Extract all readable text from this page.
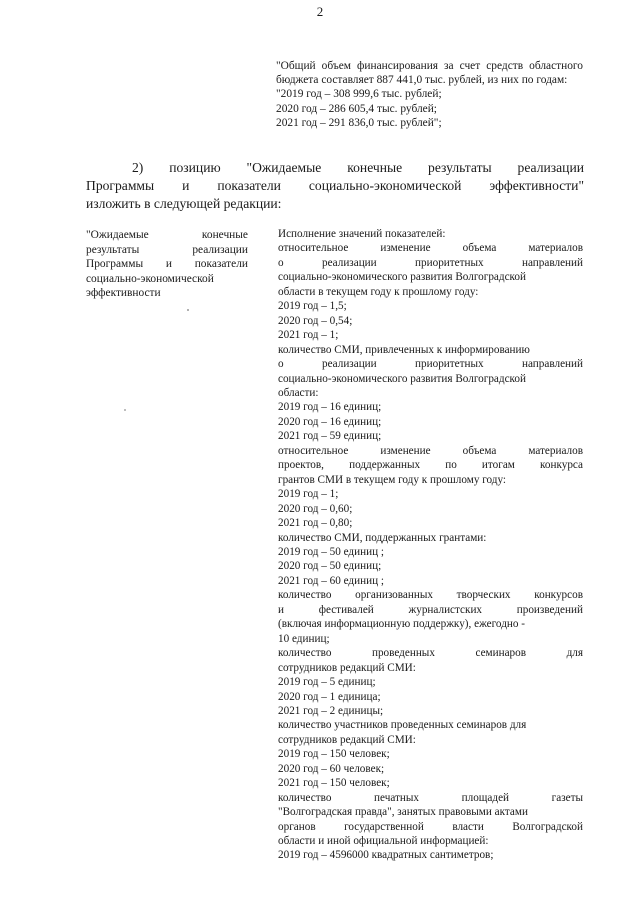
2
"Общий объем финансирования за счет средств областного бюджета составляет 887 441,0 тыс. рублей, из них по годам:
"2019 год – 308 999,6 тыс. рублей;
2020 год – 286 605,4 тыс. рублей;
2021 год – 291 836,0 тыс. рублей";
2) позицию "Ожидаемые конечные результаты реализации
Программы и показатели социально-экономической эффективности"
изложить в следующей редакции:
"Ожидаемые конечные
результаты реализации
Программы и показатели
социально-экономической
эффективности
Исполнение значений показателей:
относительное изменение объема материалов
о реализации приоритетных направлений
социально-экономического развития Волгоградской
области в текущем году к прошлому году:
2019 год – 1,5;
2020 год – 0,54;
2021 год – 1;
количество СМИ, привлеченных к информированию
о реализации приоритетных направлений
социально-экономического развития Волгоградской
области:
2019 год – 16 единиц;
2020 год – 16 единиц;
2021 год – 59 единиц;
относительное изменение объема материалов
проектов, поддержанных по итогам конкурса
грантов СМИ в текущем году к прошлому году:
2019 год – 1;
2020 год – 0,60;
2021 год – 0,80;
количество СМИ, поддержанных грантами:
2019 год – 50 единиц ;
2020 год – 50 единиц;
2021 год – 60 единиц ;
количество организованных творческих конкурсов
и фестивалей журналистских произведений
(включая информационную поддержку), ежегодно -
10 единиц;
количество проведенных семинаров для
сотрудников редакций СМИ:
2019 год – 5 единиц;
2020 год – 1 единица;
2021 год – 2 единицы;
количество участников проведенных семинаров для
сотрудников редакций СМИ:
2019 год – 150 человек;
2020 год – 60 человек;
2021 год – 150 человек;
количество печатных площадей газеты
"Волгоградская правда", занятых правовыми актами
органов государственной власти Волгоградской
области и иной официальной информацией:
2019 год – 4596000 квадратных сантиметров;
